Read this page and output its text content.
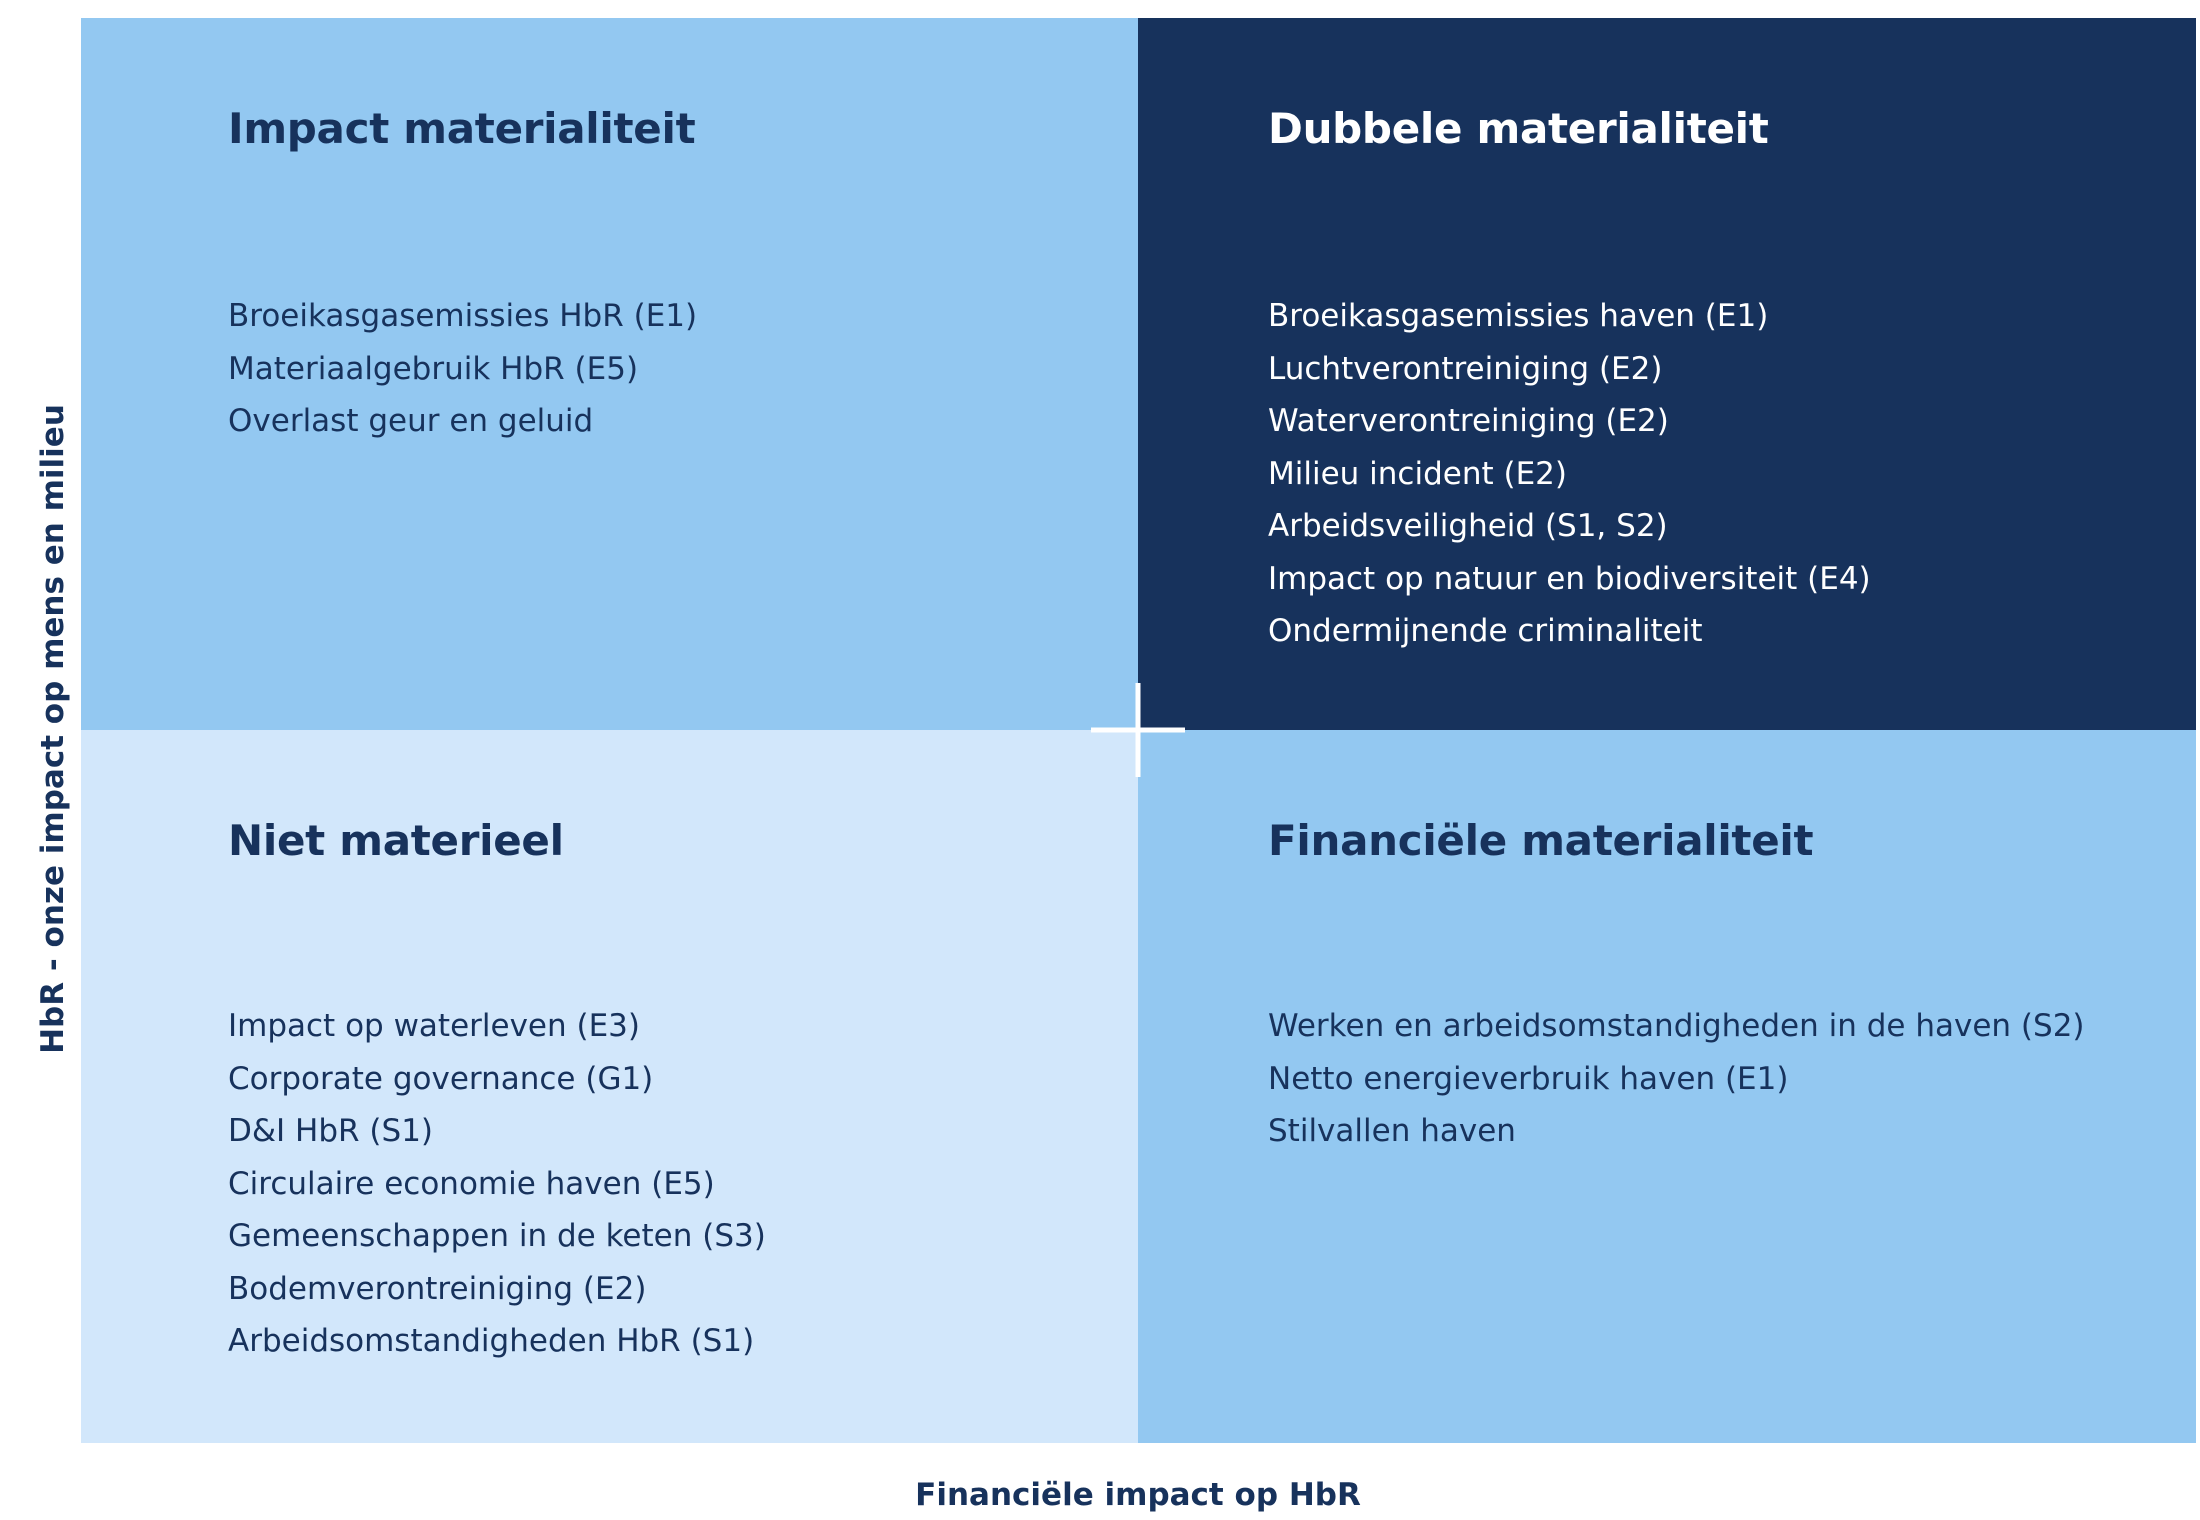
Impact materialiteit
Broeikasgasemissies HbR (E1)
Materiaalgebruik HbR (E5)
Overlast geur en geluid
Dubbele materialiteit
Broeikasgasemissies haven (E1)
Luchtverontreiniging (E2)
Waterverontreiniging (E2)
Milieu incident (E2)
Arbeidsveiligheid (S1, S2)
Impact op natuur en biodiversiteit (E4)
Ondermijnende criminaliteit
Niet materieel
Impact op waterleven (E3)
Corporate governance (G1)
D&I HbR (S1)
Circulaire economie haven (E5)
Gemeenschappen in de keten (S3)
Bodemverontreiniging (E2)
Arbeidsomstandigheden HbR (S1)
Financiële materialiteit
Werken en arbeidsomstandigheden in de haven (S2)
Netto energieverbruik haven (E1)
Stilvallen haven
HbR - onze impact op mens en milieu
Financiële impact op HbR
